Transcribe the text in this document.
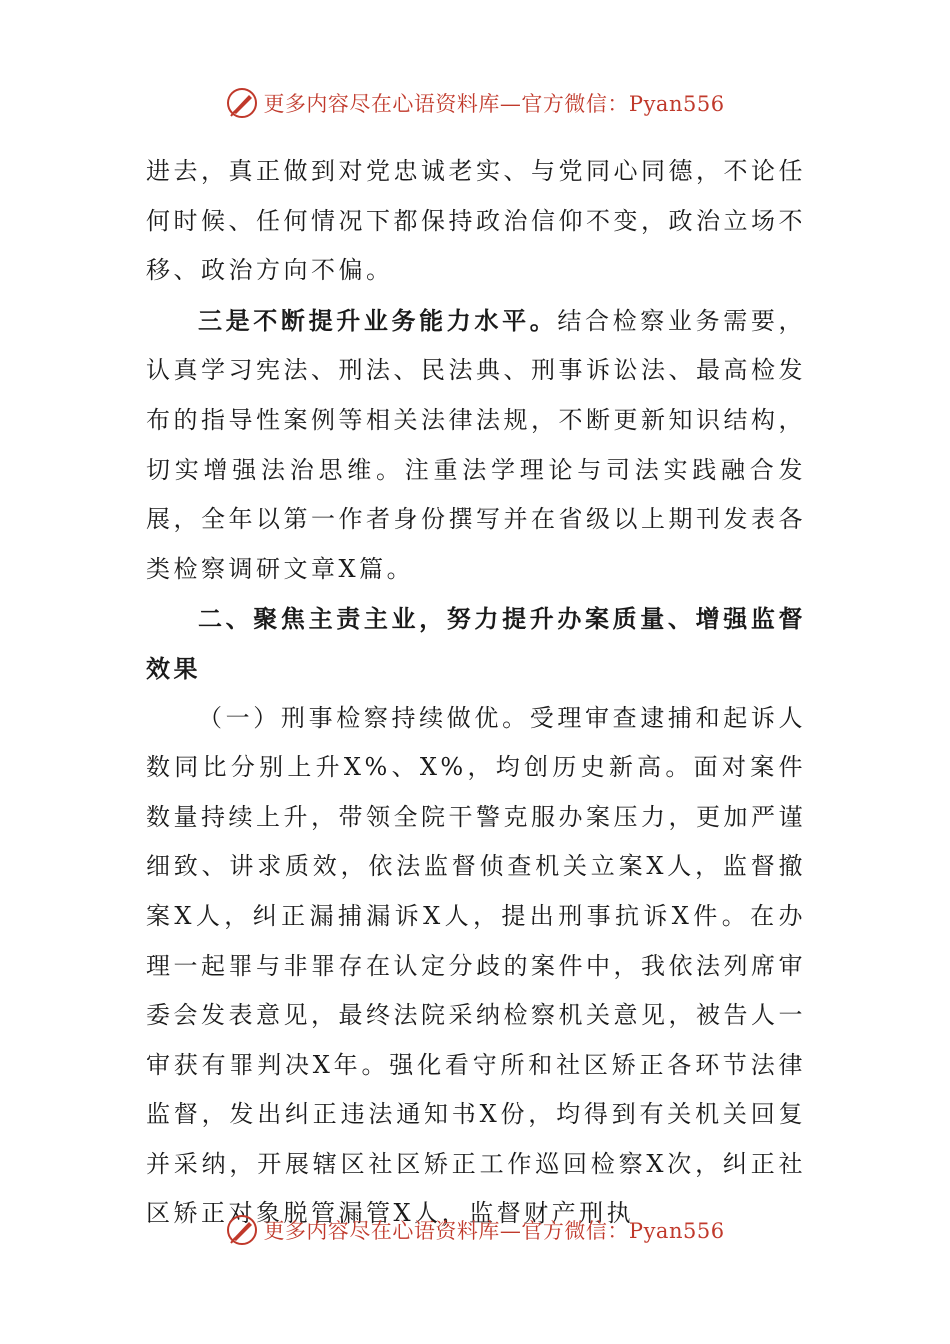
更多内容尽在心语资料库—官方微信：Pyan556

进去，真正做到对党忠诚老实、与党同心同德，不论任何时候、任何情况下都保持政治信仰不变，政治立场不移、政治方向不偏。

三是不断提升业务能力水平。结合检察业务需要，认真学习宪法、刑法、民法典、刑事诉讼法、最高检发布的指导性案例等相关法律法规，不断更新知识结构，切实增强法治思维。注重法学理论与司法实践融合发展，全年以第一作者身份撰写并在省级以上期刊发表各类检察调研文章X篇。

二、聚焦主责主业，努力提升办案质量、增强监督效果

（一）刑事检察持续做优。受理审查逮捕和起诉人数同比分别上升X%、X%，均创历史新高。面对案件数量持续上升，带领全院干警克服办案压力，更加严谨细致、讲求质效，依法监督侦查机关立案X人，监督撤案X人，纠正漏捕漏诉X人，提出刑事抗诉X件。在办理一起罪与非罪存在认定分歧的案件中，我依法列席审委会发表意见，最终法院采纳检察机关意见，被告人一审获有罪判决X年。强化看守所和社区矫正各环节法律监督，发出纠正违法通知书X份，均得到有关机关回复并采纳，开展辖区社区矫正工作巡回检察X次，纠正社区矫正对象脱管漏管X人，监督财产刑执

更多内容尽在心语资料库—官方微信：Pyan556
